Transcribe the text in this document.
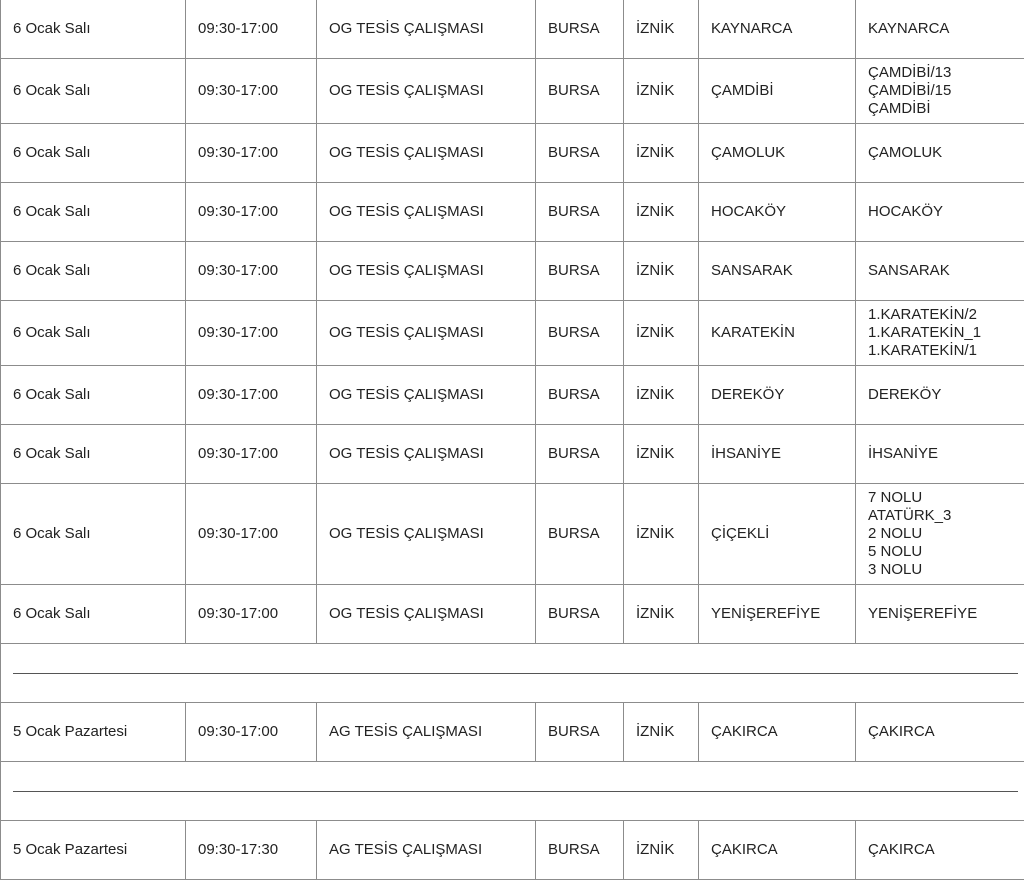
6 Ocak Salı	09:30-17:00	OG TESİS ÇALIŞMASI	BURSA	İZNİK	KAYNARCA	KAYNARCA

6 Ocak Salı	09:30-17:00	OG TESİS ÇALIŞMASI	BURSA	İZNİK	ÇAMDİBİ	ÇAMDİBİ/13
ÇAMDİBİ/15
ÇAMDİBİ

6 Ocak Salı	09:30-17:00	OG TESİS ÇALIŞMASI	BURSA	İZNİK	ÇAMOLUK	ÇAMOLUK

6 Ocak Salı	09:30-17:00	OG TESİS ÇALIŞMASI	BURSA	İZNİK	HOCAKÖY	HOCAKÖY

6 Ocak Salı	09:30-17:00	OG TESİS ÇALIŞMASI	BURSA	İZNİK	SANSARAK	SANSARAK

6 Ocak Salı	09:30-17:00	OG TESİS ÇALIŞMASI	BURSA	İZNİK	KARATEKİN	1.KARATEKİN/2
1.KARATEKİN_1
1.KARATEKİN/1

6 Ocak Salı	09:30-17:00	OG TESİS ÇALIŞMASI	BURSA	İZNİK	DEREKÖY	DEREKÖY

6 Ocak Salı	09:30-17:00	OG TESİS ÇALIŞMASI	BURSA	İZNİK	İHSANİYE	İHSANİYE

6 Ocak Salı	09:30-17:00	OG TESİS ÇALIŞMASI	BURSA	İZNİK	ÇİÇEKLİ	7 NOLU
ATATÜRK_3
2 NOLU
5 NOLU
3 NOLU

6 Ocak Salı	09:30-17:00	OG TESİS ÇALIŞMASI	BURSA	İZNİK	YENİŞEREFİYE	YENİŞEREFİYE

5 Ocak Pazartesi	09:30-17:00	AG TESİS ÇALIŞMASI	BURSA	İZNİK	ÇAKIRCA	ÇAKIRCA

5 Ocak Pazartesi	09:30-17:30	AG TESİS ÇALIŞMASI	BURSA	İZNİK	ÇAKIRCA	ÇAKIRCA
